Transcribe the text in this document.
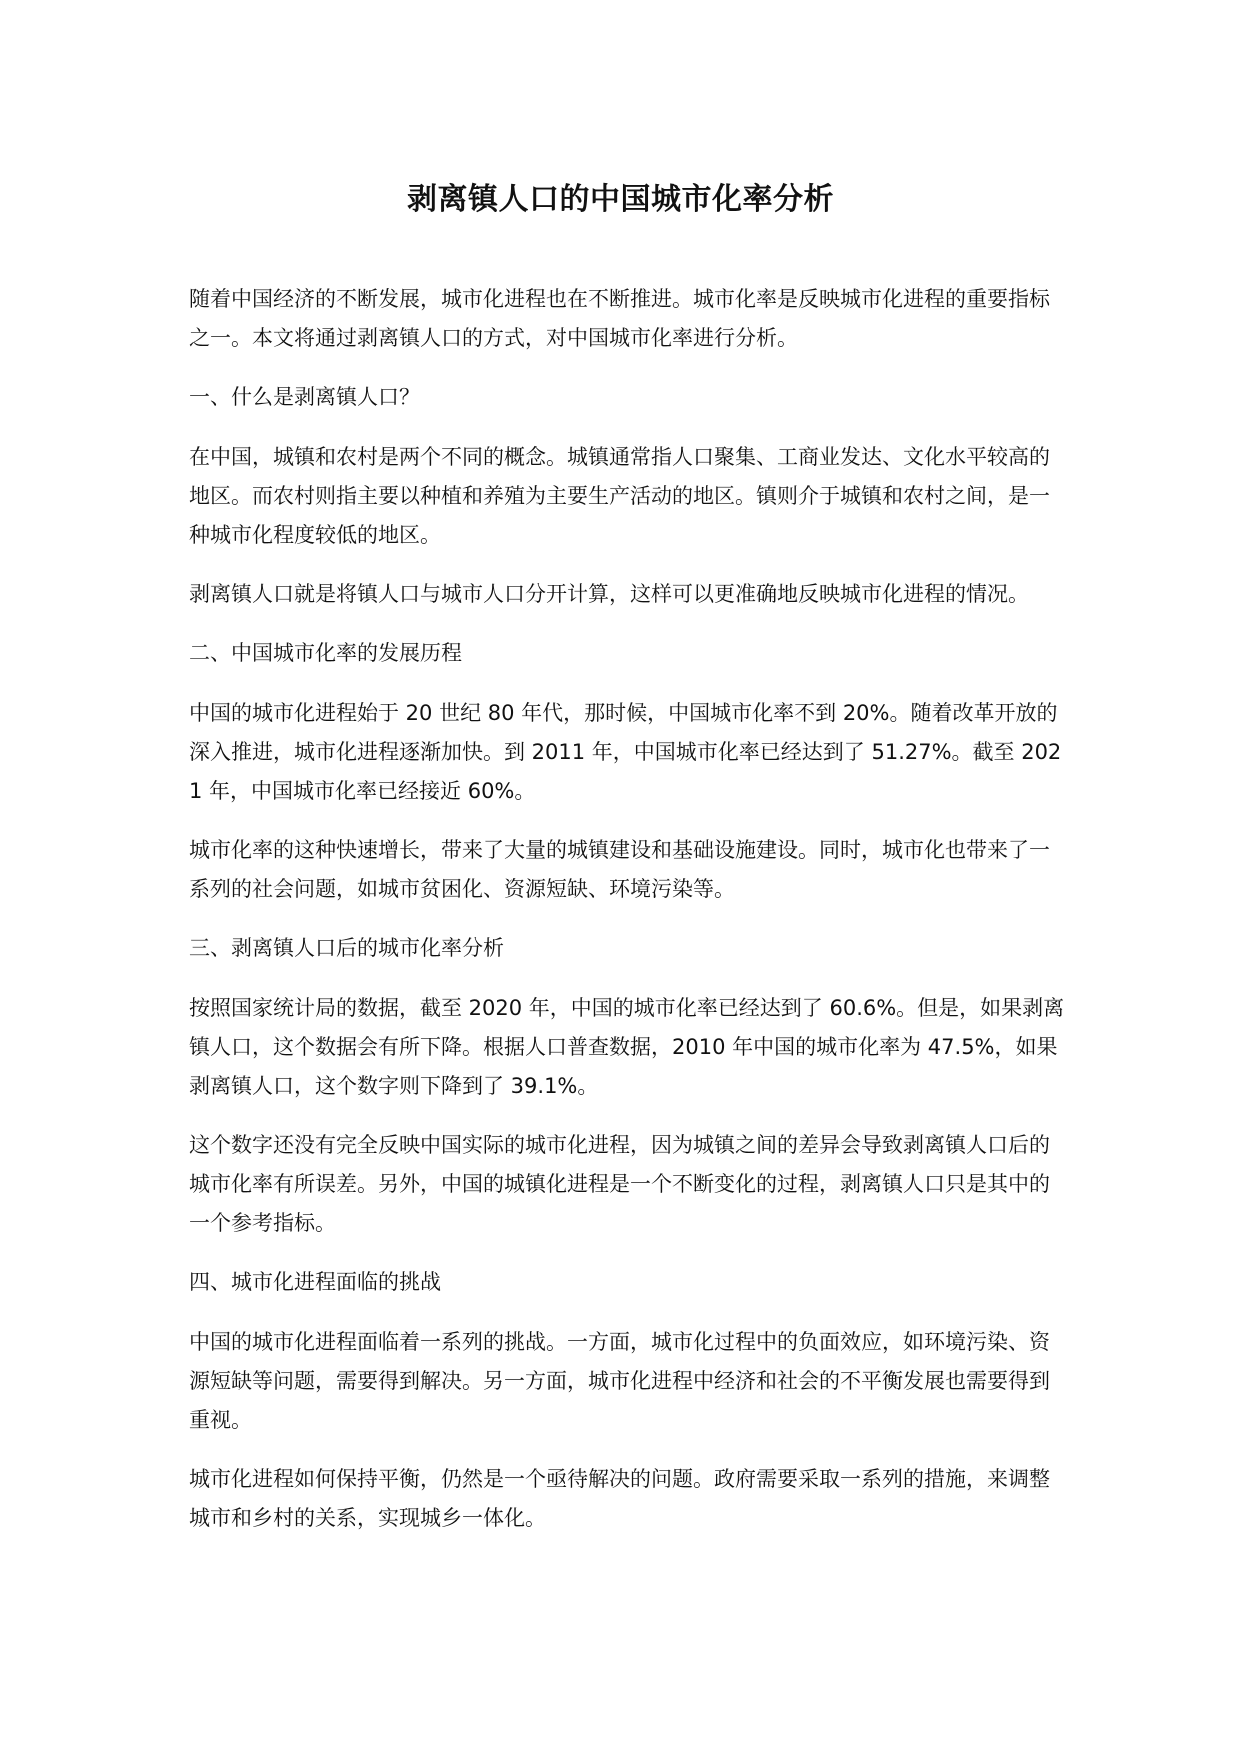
剥离镇人口的中国城市化率分析

随着中国经济的不断发展，城市化进程也在不断推进。城市化率是反映城市化进程的重要指标之一。本文将通过剥离镇人口的方式，对中国城市化率进行分析。

一、什么是剥离镇人口？

在中国，城镇和农村是两个不同的概念。城镇通常指人口聚集、工商业发达、文化水平较高的地区。而农村则指主要以种植和养殖为主要生产活动的地区。镇则介于城镇和农村之间，是一种城市化程度较低的地区。

剥离镇人口就是将镇人口与城市人口分开计算，这样可以更准确地反映城市化进程的情况。

二、中国城市化率的发展历程

中国的城市化进程始于 20 世纪 80 年代，那时候，中国城市化率不到 20%。随着改革开放的深入推进，城市化进程逐渐加快。到 2011 年，中国城市化率已经达到了 51.27%。截至 2021 年，中国城市化率已经接近 60%。

城市化率的这种快速增长，带来了大量的城镇建设和基础设施建设。同时，城市化也带来了一系列的社会问题，如城市贫困化、资源短缺、环境污染等。

三、剥离镇人口后的城市化率分析

按照国家统计局的数据，截至 2020 年，中国的城市化率已经达到了 60.6%。但是，如果剥离镇人口，这个数据会有所下降。根据人口普查数据，2010 年中国的城市化率为 47.5%，如果剥离镇人口，这个数字则下降到了 39.1%。

这个数字还没有完全反映中国实际的城市化进程，因为城镇之间的差异会导致剥离镇人口后的城市化率有所误差。另外，中国的城镇化进程是一个不断变化的过程，剥离镇人口只是其中的一个参考指标。

四、城市化进程面临的挑战

中国的城市化进程面临着一系列的挑战。一方面，城市化过程中的负面效应，如环境污染、资源短缺等问题，需要得到解决。另一方面，城市化进程中经济和社会的不平衡发展也需要得到重视。

城市化进程如何保持平衡，仍然是一个亟待解决的问题。政府需要采取一系列的措施，来调整城市和乡村的关系，实现城乡一体化。
